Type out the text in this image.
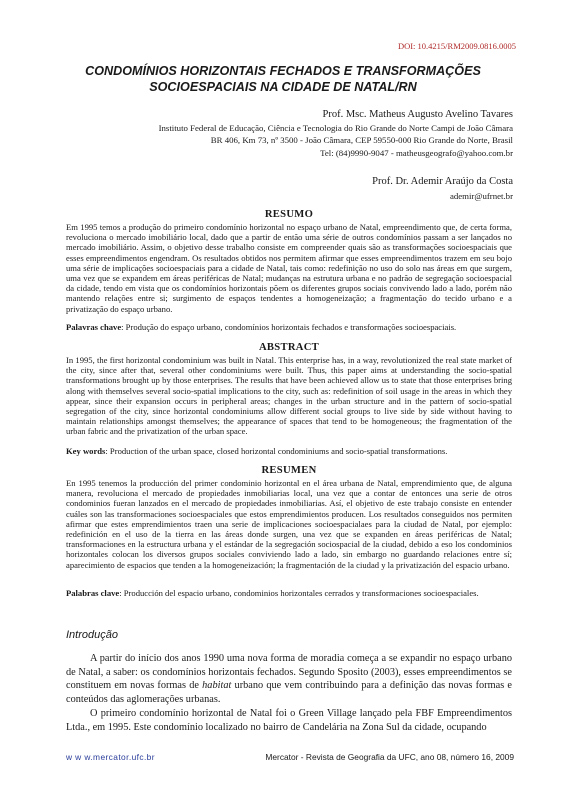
DOI: 10.4215/RM2009.0816.0005
CONDOMÍNIOS HORIZONTAIS FECHADOS E TRANSFORMAÇÕES
SOCIOESPACIAIS NA CIDADE DE NATAL/RN
Prof. Msc. Matheus Augusto Avelino Tavares
Instituto Federal de Educação, Ciência e Tecnologia do Rio Grande do Norte Campi de João Câmara
BR 406, Km 73, nº 3500 - João Câmara, CEP 59550-000 Rio Grande do Norte, Brasil
Tel: (84)9990-9047 - matheusgeografo@yahoo.com.br
Prof. Dr. Ademir Araújo da Costa
ademir@ufrnet.br
RESUMO
Em 1995 temos a produção do primeiro condomínio horizontal no espaço urbano de Natal, empreendimento que, de certa forma, revoluciona o mercado imobiliário local, dado que a partir de então uma série de outros condomínios passam a ser lançados no mercado imobiliário. Assim, o objetivo desse trabalho consiste em compreender quais são as transformações socioespaciais que esses empreendimentos engendram. Os resultados obtidos nos permitem afirmar que esses empreendimentos trazem em seu bojo uma série de implicações socioespaciais para a cidade de Natal, tais como: redefinição no uso do solo nas áreas em que surgem, uma vez que se expandem em áreas periféricas de Natal; mudanças na estrutura urbana e no padrão de segregação socioespacial da cidade, tendo em vista que os condomínios horizontais põem os diferentes grupos sociais convivendo lado a lado, porém não mantendo relações entre si; surgimento de espaços tendentes a homogeneização; a fragmentação do tecido urbano e a privatização do espaço urbano.
Palavras chave: Produção do espaço urbano, condomínios horizontais fechados e transformações socioespaciais.
ABSTRACT
In 1995, the first horizontal condominium was built in Natal. This enterprise has, in a way, revolutionized the real state market of the city, since after that, several other condominiums were built. Thus, this paper aims at understanding the socio-spatial transformations brought up by those enterprises. The results that have been achieved allow us to state that those enterprises bring along with themselves several socio-spatial implications to the city, such as: redefinition of soil usage in the areas in which they appear, since their expansion occurs in peripheral areas; changes in the urban structure and in the pattern of socio-spatial segregation of the city, since horizontal condominiums allow different social groups to live side by side without having to maintain relationships amongst themselves; the appearance of spaces that tend to be homogeneous; the fragmentation of the urban fabric and the privatization of the urban space.
Key words: Production of the urban space, closed horizontal condominiums and socio-spatial transformations.
RESUMEN
En 1995 tenemos la producción del primer condominio horizontal en el área urbana de Natal, emprendimiento que, de alguna manera, revoluciona el mercado de propiedades inmobiliarias local, una vez que a contar de entonces una serie de otros condominios fueran lanzados en el mercado de propiedades inmobiliarias. Así, el objetivo de este trabajo consiste en entender cuáles son las transformaciones socioespaciales que estos emprendimientos producen. Los resultados conseguidos nos permiten afirmar que estes emprendimientos traen una serie de implicaciones socioespacialaes para la ciudad de Natal, por ejemplo: redefinición en el uso de la tierra en las áreas donde surgen, una vez que se expanden en áreas periféricas de Natal; transformaciones en la estructura urbana y el estándar de la segregación sociospacial de la ciudad, debido a eso los condominios horizontales colocan los diversos grupos sociales conviviendo lado a lado, sin embargo no guardando relaciones entre sí; aparecimiento de espacios que tenden a la homogeneización; la fragmentación de la ciudad y la privatización del espacio urbano.
Palabras clave: Producción del espacio urbano, condominios horizontales cerrados y transformaciones socioespaciales.
Introdução

A partir do início dos anos 1990 uma nova forma de moradia começa a se expandir no espaço urbano de Natal, a saber: os condomínios horizontais fechados. Segundo Sposito (2003), esses empreendimentos se constituem em novas formas de habitat urbano que vem contribuindo para a definição das novas formas e conteúdos das aglomerações urbanas.

O primeiro condomínio horizontal de Natal foi o Green Village lançado pela FBF Empreendimentos Ltda., em 1995. Este condomínio localizado no bairro de Candelária na Zona Sul da cidade, ocupando

w w w.mercator.ufc.br	Mercator - Revista de Geografia da UFC, ano 08, número 16, 2009
